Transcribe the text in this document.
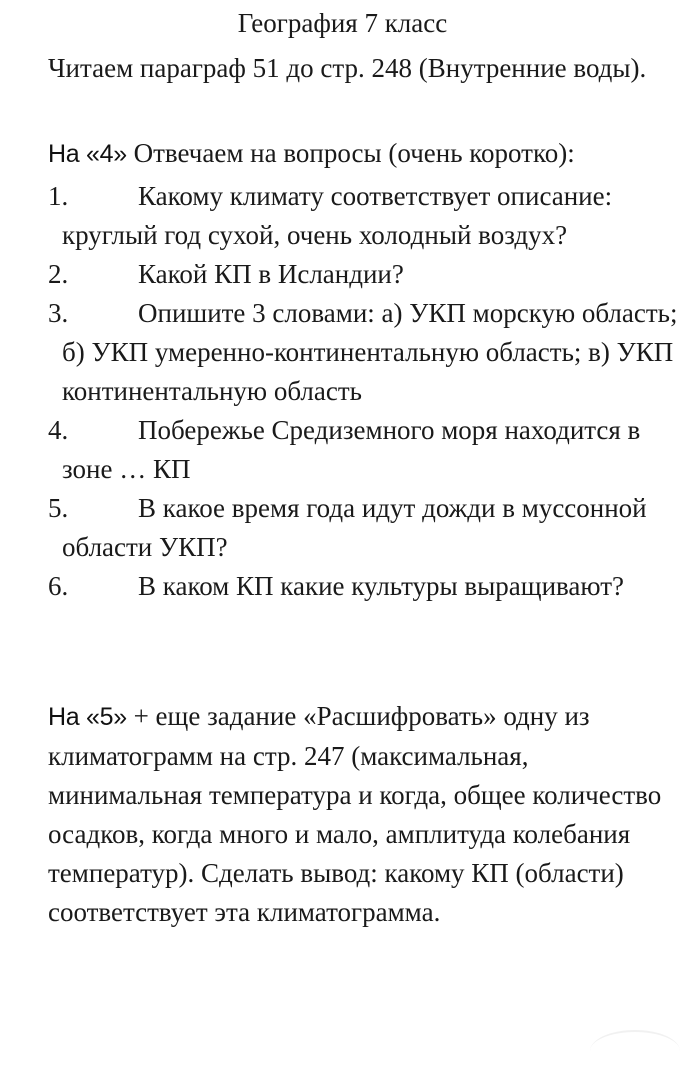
География 7 класс
Читаем параграф 51 до стр. 248 (Внутренние воды).
На «4» Отвечаем на вопросы (очень коротко):
1.	Какому климату соответствует описание: круглый год сухой, очень холодный воздух?
2.	Какой КП в Исландии?
3.	Опишите 3 словами: а) УКП морскую область; б) УКП умеренно-континентальную область; в) УКП континентальную область
4.	Побережье Средиземного моря находится в зоне … КП
5.	В какое время года идут дожди в муссонной области УКП?
6.	В каком КП какие культуры выращивают?
На «5» + еще задание «Расшифровать» одну из климатограмм на стр. 247 (максимальная, минимальная температура и когда, общее количество осадков, когда много и мало, амплитуда колебания температур). Сделать вывод: какому КП (области) соответствует эта климатограмма.
